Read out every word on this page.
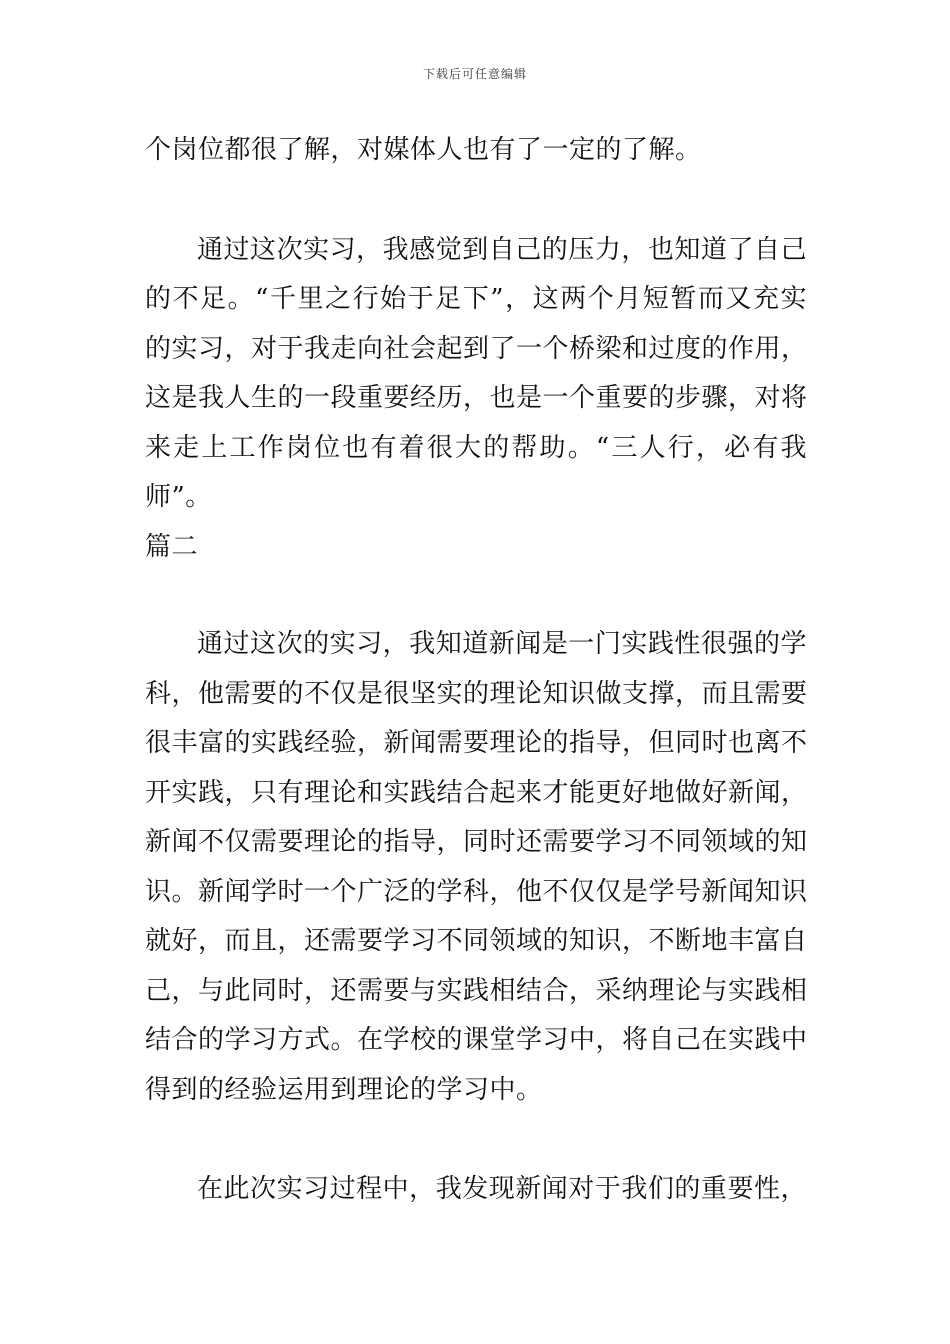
下载后可任意编辑
个岗位都很了解，对媒体人也有了一定的了解。
通过这次实习，我感觉到自己的压力，也知道了自己
的不足。“千里之行始于足下”，这两个月短暂而又充实
的实习，对于我走向社会起到了一个桥梁和过度的作用，
这是我人生的一段重要经历，也是一个重要的步骤，对将
来走上工作岗位也有着很大的帮助。“三人行，必有我
师”。
篇二
通过这次的实习，我知道新闻是一门实践性很强的学
科，他需要的不仅是很坚实的理论知识做支撑，而且需要
很丰富的实践经验，新闻需要理论的指导，但同时也离不
开实践，只有理论和实践结合起来才能更好地做好新闻，
新闻不仅需要理论的指导，同时还需要学习不同领域的知
识。新闻学时一个广泛的学科，他不仅仅是学号新闻知识
就好，而且，还需要学习不同领域的知识，不断地丰富自
己，与此同时，还需要与实践相结合，采纳理论与实践相
结合的学习方式。在学校的课堂学习中，将自己在实践中
得到的经验运用到理论的学习中。
在此次实习过程中，我发现新闻对于我们的重要性，
